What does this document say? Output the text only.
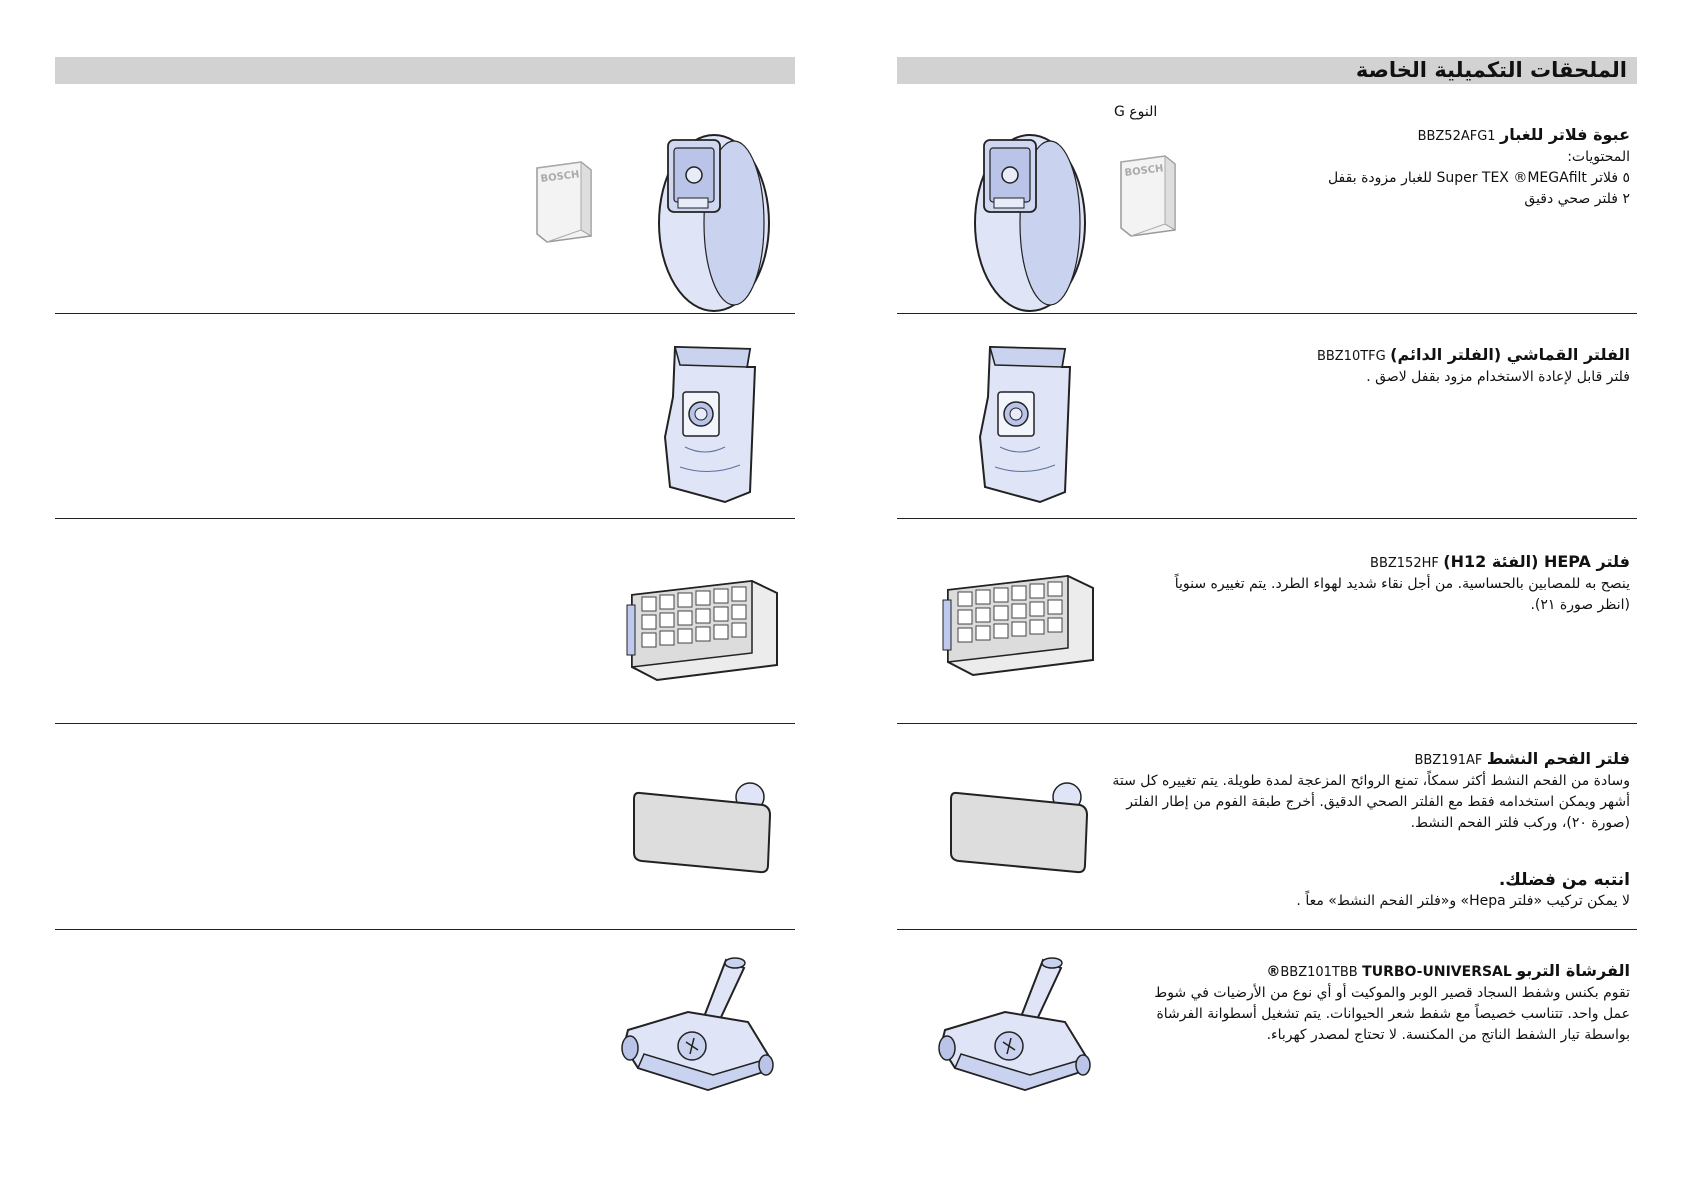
الملحقات التكميلية الخاصة
النوع G
عبوة فلاتر للغبار BBZ52AFG1
المحتويات:
٥ فلاتر Super TEX ®MEGAfilt للغبار مزودة بقفل
٢ فلتر صحي دقيق
الفلتر القماشي (الفلتر الدائم) BBZ10TFG
فلتر قابل لإعادة الاستخدام مزود بقفل لاصق .
فلتر HEPA (الفئة H12) BBZ152HF
ينصح به للمصابين بالحساسية. من أجل نقاء شديد لهواء الطرد. يتم تغييره سنوياً
(انظر صورة ٢١).
فلتر الفحم النشط BBZ191AF
وسادة من الفحم النشط أكثر سمكاً، تمنع الروائح المزعجة لمدة طويلة. يتم تغييره كل ستة
أشهر ويمكن استخدامه فقط مع الفلتر الصحي الدقيق. أخرج طبقة الفوم من إطار الفلتر
(صورة ٢٠)، وركب فلتر الفحم النشط.
انتبه من فضلك.
لا يمكن تركيب «فلتر Hepa» و«فلتر الفحم النشط» معاً .
الفرشاة التربو BBZ101TBB TURBO-UNIVERSAL®
تقوم بكنس وشفط السجاد قصير الوبر والموكيت أو أي نوع من الأرضيات في شوط
عمل واحد. تتناسب خصيصاً مع شفط شعر الحيوانات. يتم تشغيل أسطوانة الفرشاة
بواسطة تيار الشفط الناتج من المكنسة. لا تحتاج لمصدر كهرباء.
